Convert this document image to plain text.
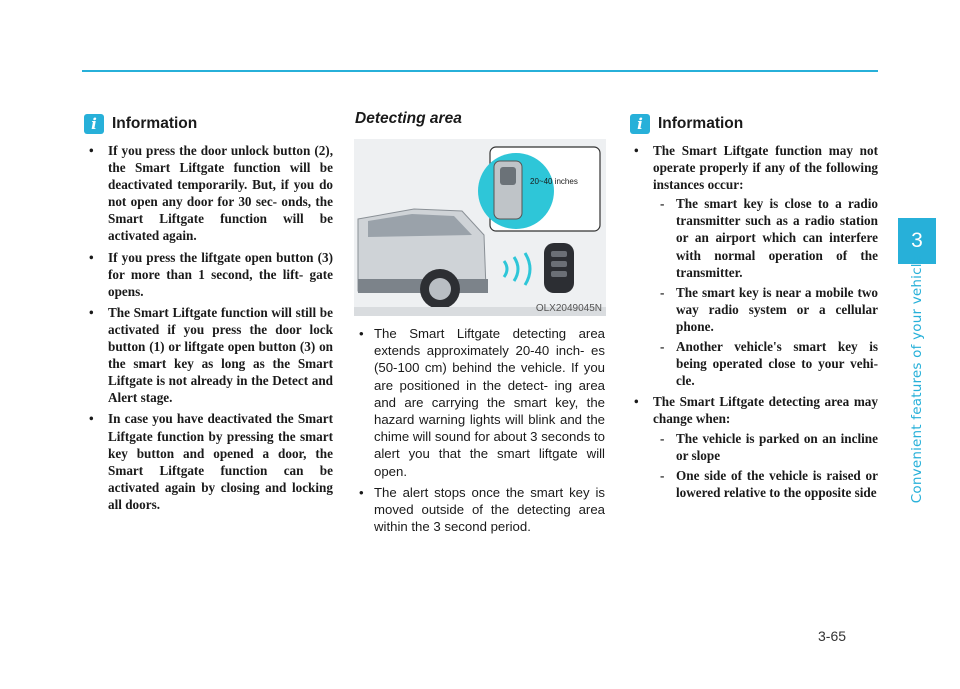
i Information
• If you press the door unlock button (2), the Smart Liftgate function will be deactivated temporarily. But, if you do not open any door for 30 sec- onds, the Smart Liftgate function will be activated again.
• If you press the liftgate open button (3) for more than 1 second, the lift- gate opens.
• The Smart Liftgate function will still be activated if you press the door lock button (1) or liftgate open button (3) on the smart key as long as the Smart Liftgate is not already in the Detect and Alert stage.
• In case you have deactivated the Smart Liftgate function by pressing the smart key button and opened a door, the Smart Liftgate function can be activated again by closing and locking all doors.
Detecting area
20~40 inches
OLX2049045N
• The Smart Liftgate detecting area extends approximately 20-40 inch- es (50-100 cm) behind the vehicle. If you are positioned in the detect- ing area and are carrying the smart key, the hazard warning lights will blink and the chime will sound for about 3 seconds to alert you that the smart liftgate will open.
• The alert stops once the smart key is moved outside of the detecting area within the 3 second period.
i Information
• The Smart Liftgate function may not operate properly if any of the following instances occur:
- The smart key is close to a radio transmitter such as a radio station or an airport which can interfere with normal operation of the transmitter.
- The smart key is near a mobile two way radio system or a cellular phone.
- Another vehicle's smart key is being operated close to your vehi- cle.
• The Smart Liftgate detecting area may change when:
- The vehicle is parked on an incline or slope
- One side of the vehicle is raised or lowered relative to the opposite side
3
Convenient features of your vehicle
3-65
